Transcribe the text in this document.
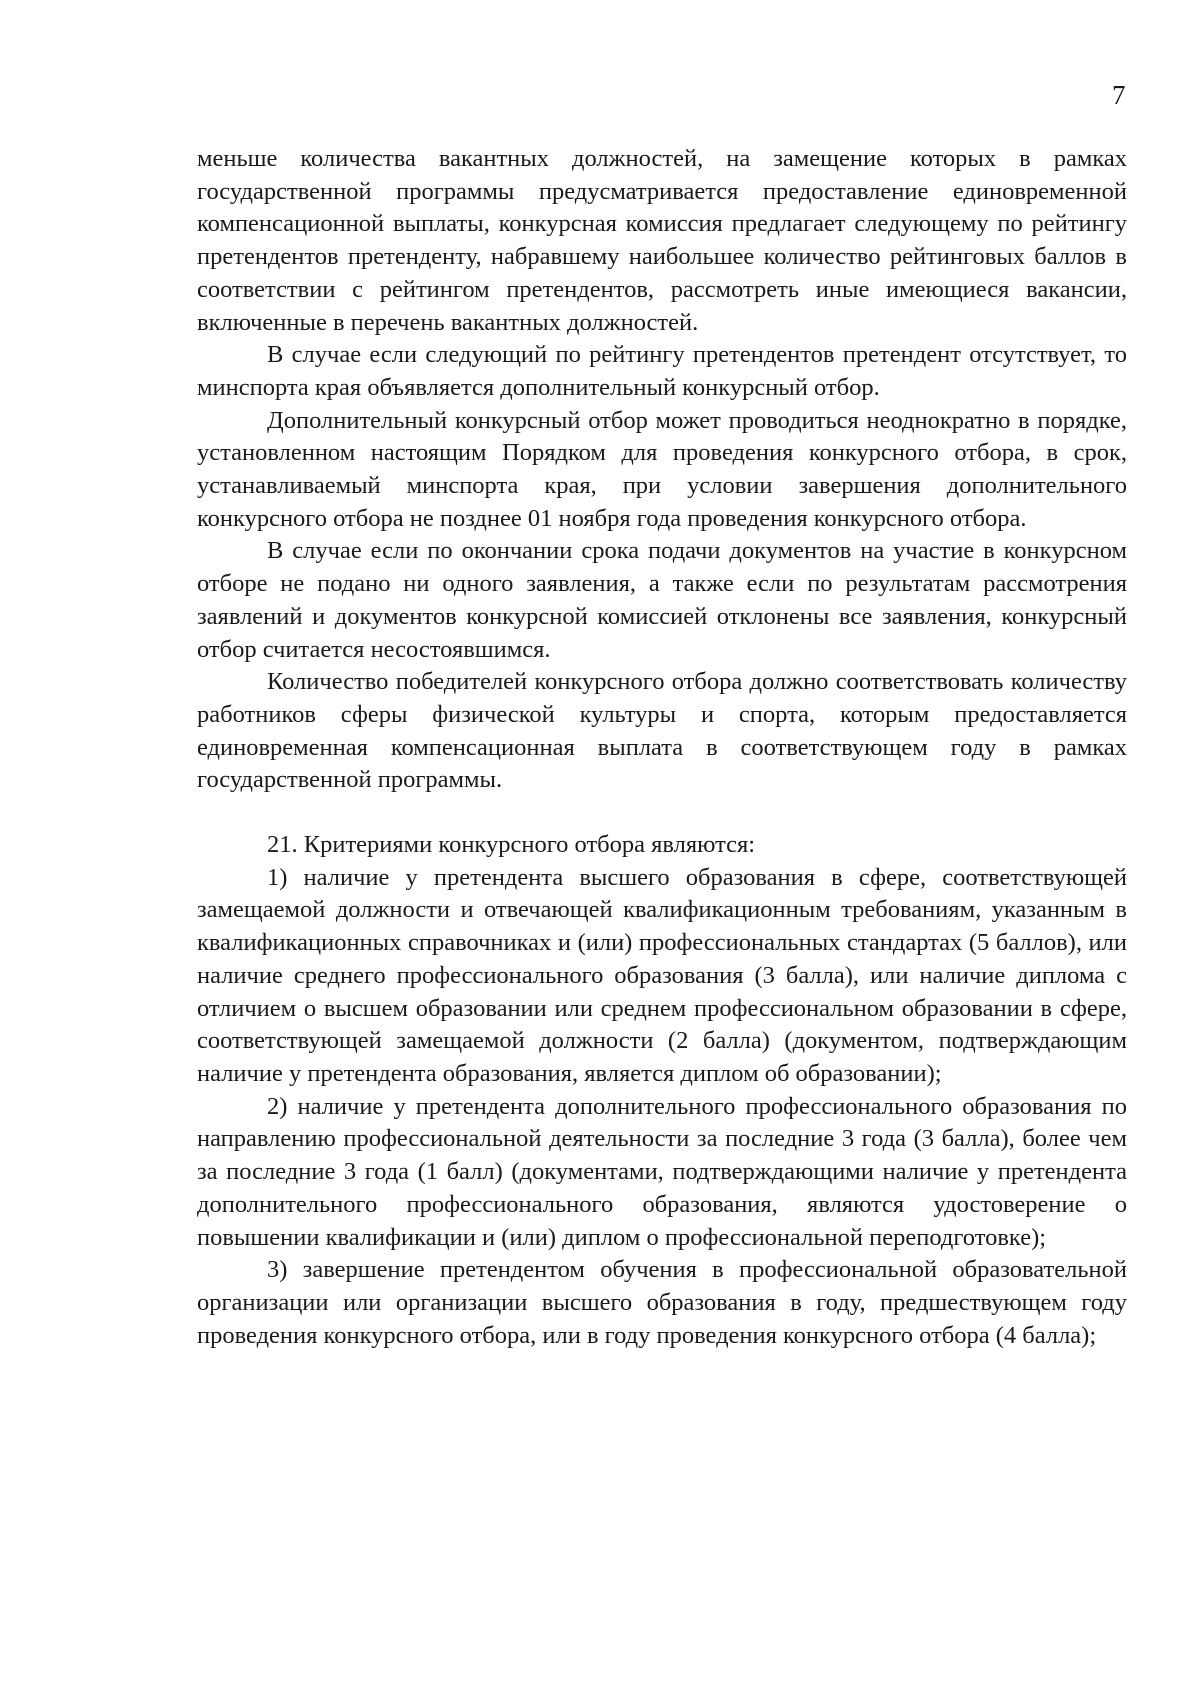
7

меньше количества вакантных должностей, на замещение которых в рамках государственной программы предусматривается предоставление единовременной компенсационной выплаты, конкурсная комиссия предлагает следующему по рейтингу претендентов претенденту, набравшему наибольшее количество рейтинговых баллов в соответствии с рейтингом претендентов, рассмотреть иные имеющиеся вакансии, включенные в перечень вакантных должностей.

В случае если следующий по рейтингу претендентов претендент отсутствует, то минспорта края объявляется дополнительный конкурсный отбор.

Дополнительный конкурсный отбор может проводиться неоднократно в порядке, установленном настоящим Порядком для проведения конкурсного отбора, в срок, устанавливаемый минспорта края, при условии завершения дополнительного конкурсного отбора не позднее 01 ноября года проведения конкурсного отбора.

В случае если по окончании срока подачи документов на участие в конкурсном отборе не подано ни одного заявления, а также если по результатам рассмотрения заявлений и документов конкурсной комиссией отклонены все заявления, конкурсный отбор считается несостоявшимся.

Количество победителей конкурсного отбора должно соответствовать количеству работников сферы физической культуры и спорта, которым предоставляется единовременная компенсационная выплата в соответствующем году в рамках государственной программы.

21. Критериями конкурсного отбора являются:

1) наличие у претендента высшего образования в сфере, соответствующей замещаемой должности и отвечающей квалификационным требованиям, указанным в квалификационных справочниках и (или) профессиональных стандартах (5 баллов), или наличие среднего профессионального образования (3 балла), или наличие диплома с отличием о высшем образовании или среднем профессиональном образовании в сфере, соответствующей замещаемой должности (2 балла) (документом, подтверждающим наличие у претендента образования, является диплом об образовании);

2) наличие у претендента дополнительного профессионального образования по направлению профессиональной деятельности за последние 3 года (3 балла), более чем за последние 3 года (1 балл) (документами, подтверждающими наличие у претендента дополнительного профессионального образования, являются удостоверение о повышении квалификации и (или) диплом о профессиональной переподготовке);

3) завершение претендентом обучения в профессиональной образовательной организации или организации высшего образования в году, предшествующем году проведения конкурсного отбора, или в году проведения конкурсного отбора (4 балла);
